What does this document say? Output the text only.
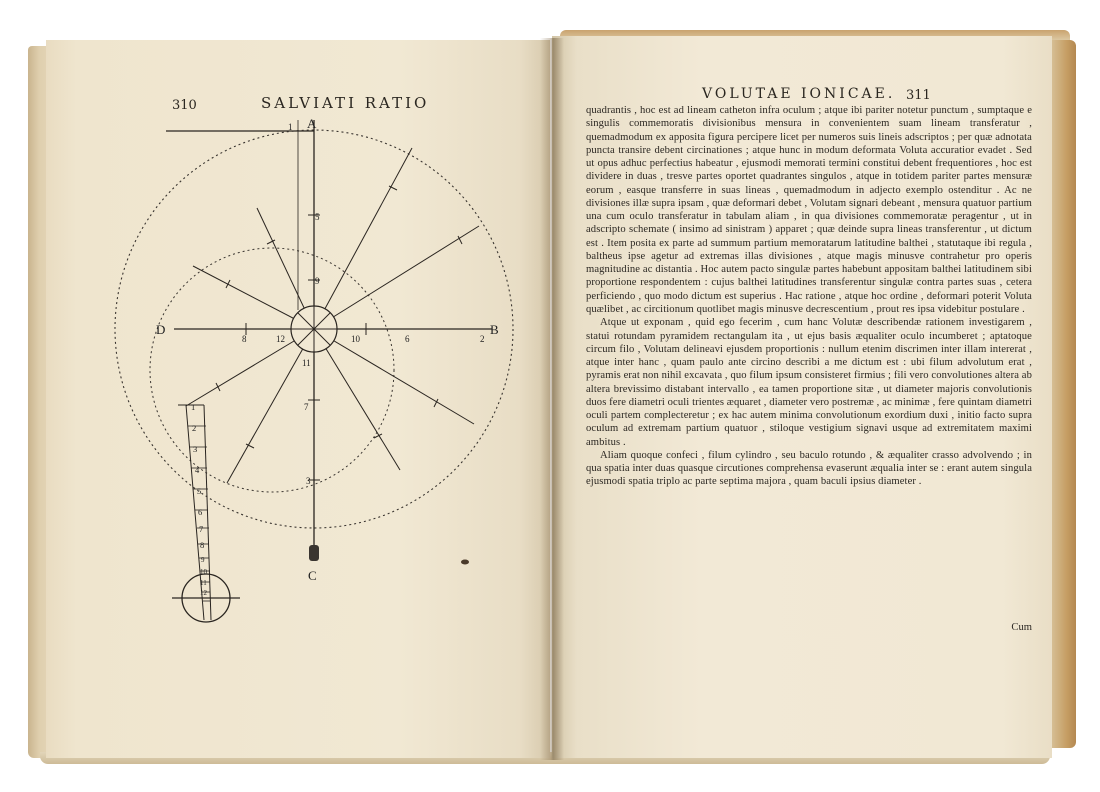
310	SALVIATI RATIO
A
C
D	B
12
8	10	6	2
9
5
1
11
7
3
1
2
3
4
5
6
7
8
9
10
11
12
VOLUTAE IONICAE. 311

quadrantis , hoc est ad lineam catheton infra oculum ; atque ibi pariter notetur punctum , sumptaque e singulis commemoratis divisionibus mensura in convenientem suam lineam transferatur , quemadmodum ex apposita figura percipere licet per numeros suis lineis adscriptos ; per quæ adnotata puncta transire debent circinationes ; atque hunc in modum deformata Voluta accuratior evadet . Sed ut opus adhuc perfectius habeatur , ejusmodi memorati termini constitui debent frequentiores , hoc est dividere in duas , tresve partes oportet quadrantes singulos , atque in totidem pariter partes mensuræ eorum , easque transferre in suas lineas , quemadmodum in adjecto exemplo ostenditur . Ac ne divisiones illæ supra ipsam , quæ deformari debet , Volutam signari debeant , mensura quatuor partium una cum oculo transferatur in tabulam aliam , in qua divisiones commemoratæ peragentur , ut in adscripto schemate ( insimo ad sinistram ) apparet ; quæ deinde supra lineas transferentur , ut dictum est . Item posita ex parte ad summum partium memoratarum latitudine balthei , statutaque ibi regula , baltheus ipse agetur ad extremas illas divisiones , atque magis minusve contrahetur pro operis magnitudine ac distantia . Hoc autem pacto singulæ partes habebunt appositam balthei latitudinem sibi proportione respondentem : cujus balthei latitudines transferentur singulæ contra partes suas , cetera perficiendo , quo modo dictum est superius . Hac ratione , atque hoc ordine , deformari poterit Voluta quælibet , ac circitionum quotlibet magis minusve decrescentium , prout res ipsa videbitur postulare .

Atque ut exponam , quid ego fecerim , cum hanc Volutæ describendæ rationem investigarem , statui rotundam pyramidem rectangulam ita , ut ejus basis æqualiter oculo incumberet ; aptatoque circum filo , Volutam delineavi ejusdem proportionis : nullum etenim discrimen inter illam intererat , atque inter hanc , quam paulo ante circino describi a me dictum est : ubi filum advolutum erat , pyramis erat non nihil excavata , quo filum ipsum consisteret firmius ; fili vero convolutiones altera ab altera brevissimo distabant intervallo , ea tamen proportione sitæ , ut diameter majoris convolutionis duos fere diametri oculi trientes æquaret , diameter vero postremæ , ac minimæ , fere quintam diametri oculi partem complecteretur ; ex hac autem minima convolutionum exordium duxi , initio facto supra oculum ad extremam partium quatuor , stiloque vestigium signavi usque ad extremitatem maximi ambitus .

Aliam quoque confeci , filum cylindro , seu baculo rotundo , & æqualiter crasso advolvendo ; in qua spatia inter duas quasque circutiones comprehensa evaserunt æqualia inter se : erant autem singula ejusmodi spatia triplo ac parte septima majora , quam baculi ipsius diameter .

Cum
